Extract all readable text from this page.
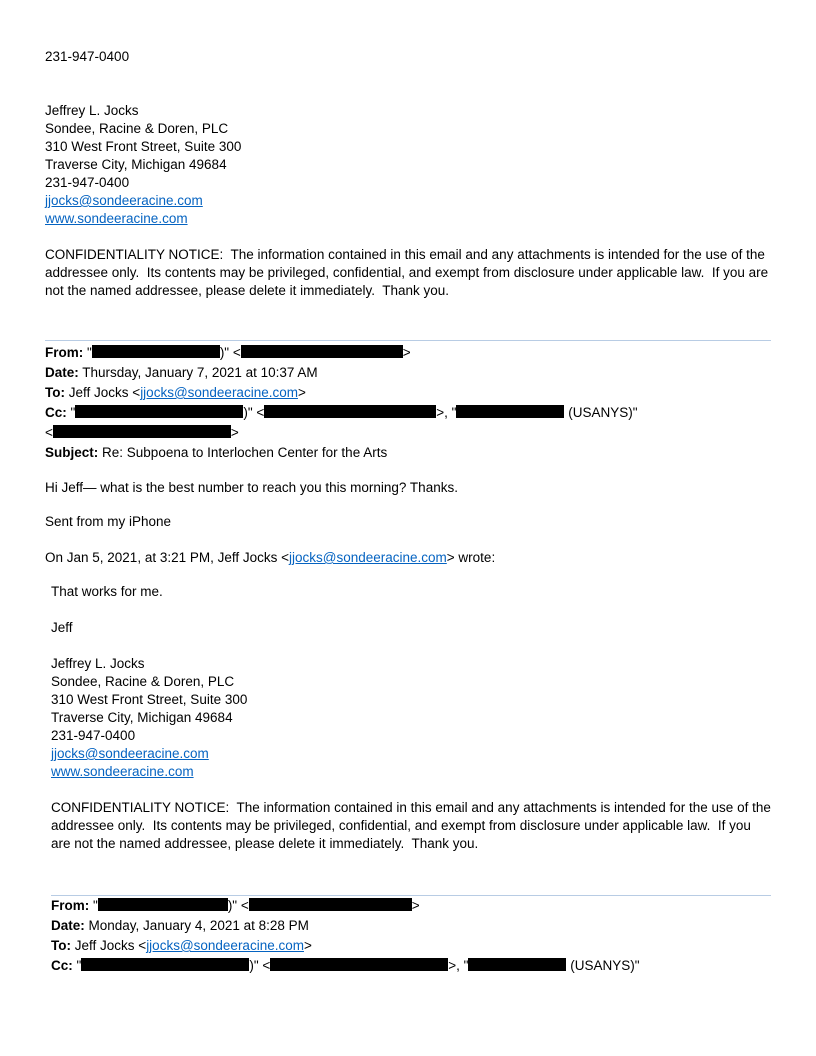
231-947-0400

Jeffrey L. Jocks

Sondee, Racine & Doren, PLC

310 West Front Street, Suite 300

Traverse City, Michigan 49684

231-947-0400

jjocks@sondeeracine.com

www.sondeeracine.com

CONFIDENTIALITY NOTICE:  The information contained in this email and any attachments is intended for the use of the addressee only.  Its contents may be privileged, confidential, and exempt from disclosure under applicable law.  If you are not the named addressee, please delete it immediately.  Thank you.

From: "	)" <	>

Date: Thursday, January 7, 2021 at 10:37 AM

To: Jeff Jocks <jjocks@sondeeracine.com>

Cc: "	)" <	>, "	(USANYS)"

<	>

Subject: Re: Subpoena to Interlochen Center for the Arts

Hi Jeff— what is the best number to reach you this morning? Thanks.

Sent from my iPhone

On Jan 5, 2021, at 3:21 PM, Jeff Jocks <jjocks@sondeeracine.com> wrote:

That works for me.

Jeff

Jeffrey L. Jocks

Sondee, Racine & Doren, PLC

310 West Front Street, Suite 300

Traverse City, Michigan 49684

231-947-0400

jjocks@sondeeracine.com

www.sondeeracine.com

CONFIDENTIALITY NOTICE:  The information contained in this email and any attachments is intended for the use of the addressee only.  Its contents may be privileged, confidential, and exempt from disclosure under applicable law.  If you are not the named addressee, please delete it immediately.  Thank you.

From: "	)" <	>

Date: Monday, January 4, 2021 at 8:28 PM

To: Jeff Jocks <jjocks@sondeeracine.com>

Cc: "	)" <	>, "	(USANYS)"
